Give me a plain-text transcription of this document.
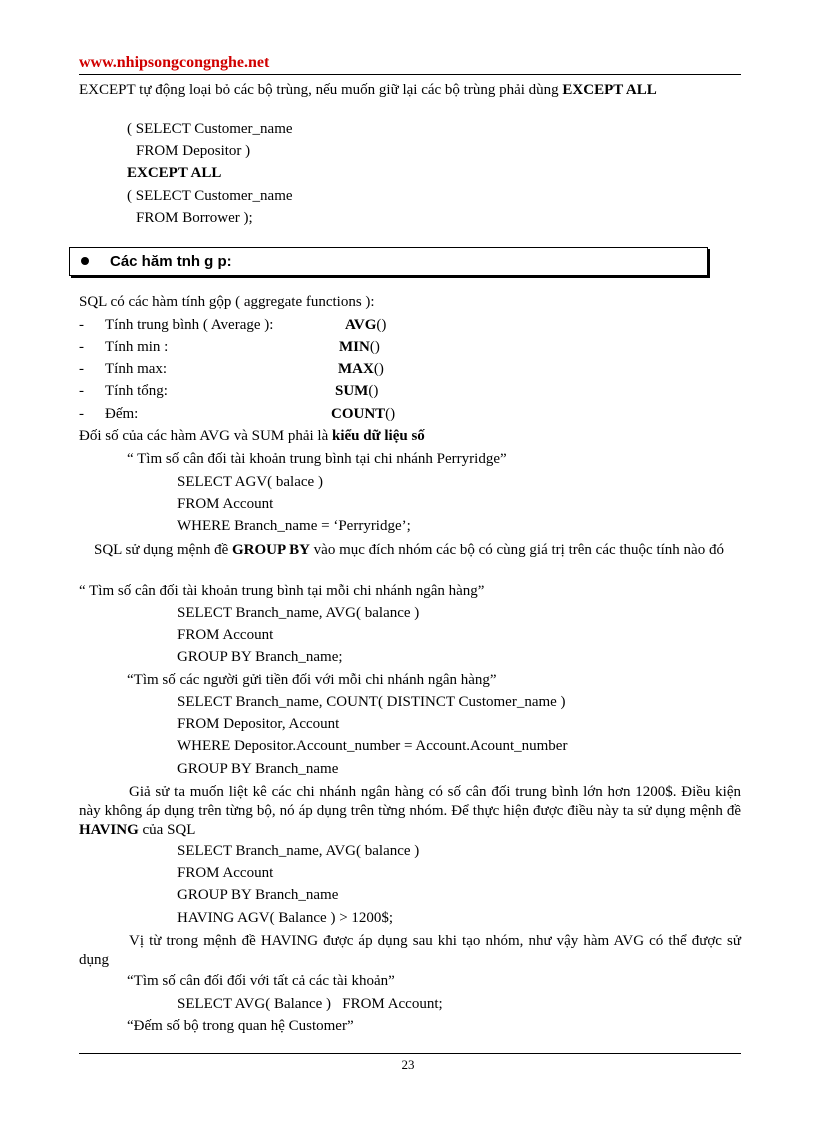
www.nhipsongcongnghe.net
EXCEPT tự động loại bỏ các bộ trùng, nếu muốn giữ lại các bộ trùng phải dùng EXCEPT ALL
( SELECT Customer_name
FROM Depositor )
EXCEPT ALL
( SELECT Customer_name
FROM Borrower );
Các hăm tnh g p:
SQL có các hàm tính gộp ( aggregate functions ):
- Tính trung bình ( Average ):	AVG()
- Tính min :	MIN()
- Tính max:	MAX()
- Tính tổng:	SUM()
- Đếm:	COUNT()
Đối số của các hàm AVG và SUM phải là kiểu dữ liệu số
“ Tìm số cân đối tài khoản trung bình tại chi nhánh Perryridge”
SELECT AGV( balace )
FROM Account
WHERE Branch_name = ‘Perryridge’;
SQL sử dụng mệnh đề GROUP BY vào mục đích nhóm các bộ có cùng giá trị trên các thuộc tính nào đó
“ Tìm số cân đối tài khoản trung bình tại mỗi chi nhánh ngân hàng”
SELECT Branch_name, AVG( balance )
FROM Account
GROUP BY Branch_name;
“Tìm số các người gửi tiền đối với mỗi chi nhánh ngân hàng”
SELECT Branch_name, COUNT( DISTINCT Customer_name )
FROM Depositor, Account
WHERE Depositor.Account_number = Account.Acount_number
GROUP BY Branch_name
Giả sử ta muốn liệt kê các chi nhánh ngân hàng có số cân đối trung bình lớn hơn 1200$. Điều kiện này không áp dụng trên từng bộ, nó áp dụng trên từng nhóm. Để thực hiện được điều này ta sử dụng mệnh đề HAVING của SQL
SELECT Branch_name, AVG( balance )
FROM Account
GROUP BY Branch_name
HAVING AGV( Balance ) > 1200$;
Vị từ trong mệnh đề HAVING được áp dụng sau khi tạo nhóm, như vậy hàm AVG có thể được sử dụng
“Tìm số cân đối đối với tất cả các tài khoản”
SELECT AVG( Balance )   FROM Account;
“Đếm số bộ trong quan hệ Customer”
23
